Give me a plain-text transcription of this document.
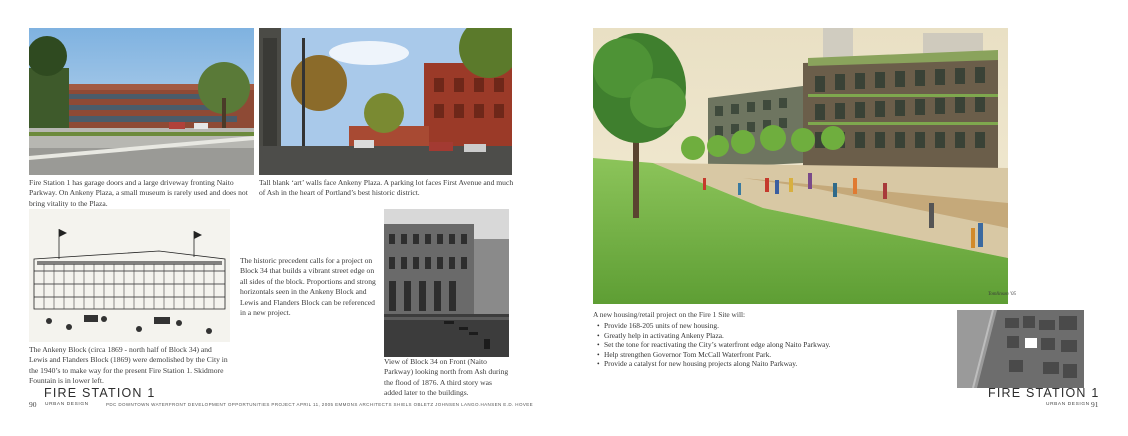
Fire Station 1 has garage doors and a large driveway fronting Naito Parkway. On Ankeny Plaza, a small museum is rarely used and does not bring vitality to the Plaza.
Tall blank ‘art’ walls face Ankeny Plaza. A parking lot faces First Avenue and much of Ash in the heart of Portland’s best historic district.
The Ankeny Block (circa 1869 - north half of Block 34) and Lewis and Flanders Block (1869) were demolished by the City in the 1940’s to make way for the present Fire Station 1. Skidmore Fountain is in lower left.
The historic precedent calls for a project on Block 34 that builds a vibrant street edge on all sides of the block. Proportions and strong horizontals seen in the Ankeny Block and Lewis and Flanders Block can be referenced in a new project.
View of Block 34 on Front (Naito Parkway) looking north from Ash during the flood of 1876. A third story was added later to the buildings.
FIRE STATION 1
90 URBAN DESIGN	PDC DOWNTOWN WATERFRONT DEVELOPMENT OPPORTUNITIES PROJECT APRIL 11, 2005 EMMONS ARCHITECTS SHIELS OBLETZ JOHNSEN LANGO.HANSEN E.D. HOVEE
Tomlinson '05
A new housing/retail project on the Fire 1 Site will:
• Provide 168-205 units of new housing.
• Greatly help in activating Ankeny Plaza.
• Set the tone for reactivating the City’s waterfront edge along Naito Parkway.
• Help strengthen Governor Tom McCall Waterfront Park.
• Provide a catalyst for new housing projects along Naito Parkway.
FIRE STATION 1
URBAN DESIGN 91
